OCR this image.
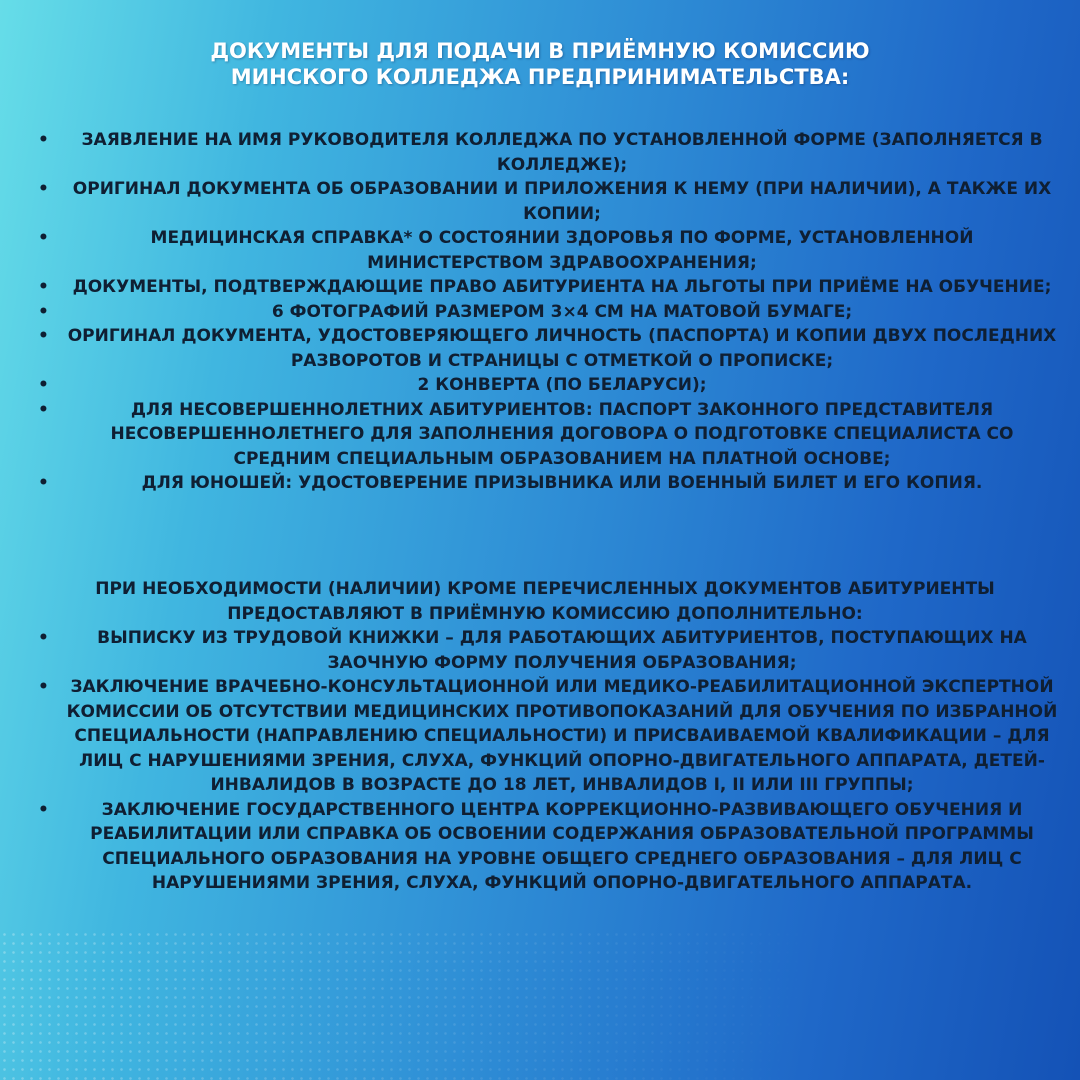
ДОКУМЕНТЫ ДЛЯ ПОДАЧИ В ПРИЁМНУЮ КОМИССИЮ
МИНСКОГО КОЛЛЕДЖА ПРЕДПРИНИМАТЕЛЬСТВА:
• ЗАЯВЛЕНИЕ НА ИМЯ РУКОВОДИТЕЛЯ КОЛЛЕДЖА ПО УСТАНОВЛЕННОЙ ФОРМЕ (ЗАПОЛНЯЕТСЯ В КОЛЛЕДЖЕ);
• ОРИГИНАЛ ДОКУМЕНТА ОБ ОБРАЗОВАНИИ И ПРИЛОЖЕНИЯ К НЕМУ (ПРИ НАЛИЧИИ), А ТАКЖЕ ИХ КОПИИ;
•	МЕДИЦИНСКАЯ СПРАВКА* О СОСТОЯНИИ ЗДОРОВЬЯ ПО ФОРМЕ, УСТАНОВЛЕННОЙ МИНИСТЕРСТВОМ ЗДРАВООХРАНЕНИЯ;
• ДОКУМЕНТЫ, ПОДТВЕРЖДАЮЩИЕ ПРАВО АБИТУРИЕНТА НА ЛЬГОТЫ ПРИ ПРИЁМЕ НА ОБУЧЕНИЕ;
•	6 ФОТОГРАФИЙ РАЗМЕРОМ 3×4 СМ НА МАТОВОЙ БУМАГЕ;
• ОРИГИНАЛ ДОКУМЕНТА, УДОСТОВЕРЯЮЩЕГО ЛИЧНОСТЬ (ПАСПОРТА) И КОПИИ ДВУХ ПОСЛЕДНИХ РАЗВОРОТОВ И СТРАНИЦЫ С ОТМЕТКОЙ О ПРОПИСКЕ;
•	2 КОНВЕРТА (ПО БЕЛАРУСИ);
•	ДЛЯ НЕСОВЕРШЕННОЛЕТНИХ АБИТУРИЕНТОВ: ПАСПОРТ ЗАКОННОГО ПРЕДСТАВИТЕЛЯ НЕСОВЕРШЕННОЛЕТНЕГО ДЛЯ ЗАПОЛНЕНИЯ ДОГОВОРА О ПОДГОТОВКЕ СПЕЦИАЛИСТА СО СРЕДНИМ СПЕЦИАЛЬНЫМ ОБРАЗОВАНИЕМ НА ПЛАТНОЙ ОСНОВЕ;
•	ДЛЯ ЮНОШЕЙ: УДОСТОВЕРЕНИЕ ПРИЗЫВНИКА ИЛИ ВОЕННЫЙ БИЛЕТ И ЕГО КОПИЯ.

ПРИ НЕОБХОДИМОСТИ (НАЛИЧИИ) КРОМЕ ПЕРЕЧИСЛЕННЫХ ДОКУМЕНТОВ АБИТУРИЕНТЫ ПРЕДОСТАВЛЯЮТ В ПРИЁМНУЮ КОМИССИЮ ДОПОЛНИТЕЛЬНО:

•	ВЫПИСКУ ИЗ ТРУДОВОЙ КНИЖКИ – ДЛЯ РАБОТАЮЩИХ АБИТУРИЕНТОВ, ПОСТУПАЮЩИХ НА ЗАОЧНУЮ ФОРМУ ПОЛУЧЕНИЯ ОБРАЗОВАНИЯ;
• ЗАКЛЮЧЕНИЕ ВРАЧЕБНО-КОНСУЛЬТАЦИОННОЙ ИЛИ МЕДИКО-РЕАБИЛИТАЦИОННОЙ ЭКСПЕРТНОЙ КОМИССИИ ОБ ОТСУТСТВИИ МЕДИЦИНСКИХ ПРОТИВОПОКАЗАНИЙ ДЛЯ ОБУЧЕНИЯ ПО ИЗБРАННОЙ СПЕЦИАЛЬНОСТИ (НАПРАВЛЕНИЮ СПЕЦИАЛЬНОСТИ) И ПРИСВАИВАЕМОЙ КВАЛИФИКАЦИИ – ДЛЯ ЛИЦ С НАРУШЕНИЯМИ ЗРЕНИЯ, СЛУХА, ФУНКЦИЙ ОПОРНО-ДВИГАТЕЛЬНОГО АППАРАТА, ДЕТЕЙ-ИНВАЛИДОВ В ВОЗРАСТЕ ДО 18 ЛЕТ, ИНВАЛИДОВ I, II ИЛИ III ГРУППЫ;
•	ЗАКЛЮЧЕНИЕ ГОСУДАРСТВЕННОГО ЦЕНТРА КОРРЕКЦИОННО-РАЗВИВАЮЩЕГО ОБУЧЕНИЯ И РЕАБИЛИТАЦИИ ИЛИ СПРАВКА ОБ ОСВОЕНИИ СОДЕРЖАНИЯ ОБРАЗОВАТЕЛЬНОЙ ПРОГРАММЫ СПЕЦИАЛЬНОГО ОБРАЗОВАНИЯ НА УРОВНЕ ОБЩЕГО СРЕДНЕГО ОБРАЗОВАНИЯ – ДЛЯ ЛИЦ С НАРУШЕНИЯМИ ЗРЕНИЯ, СЛУХА, ФУНКЦИЙ ОПОРНО-ДВИГАТЕЛЬНОГО АППАРАТА.
